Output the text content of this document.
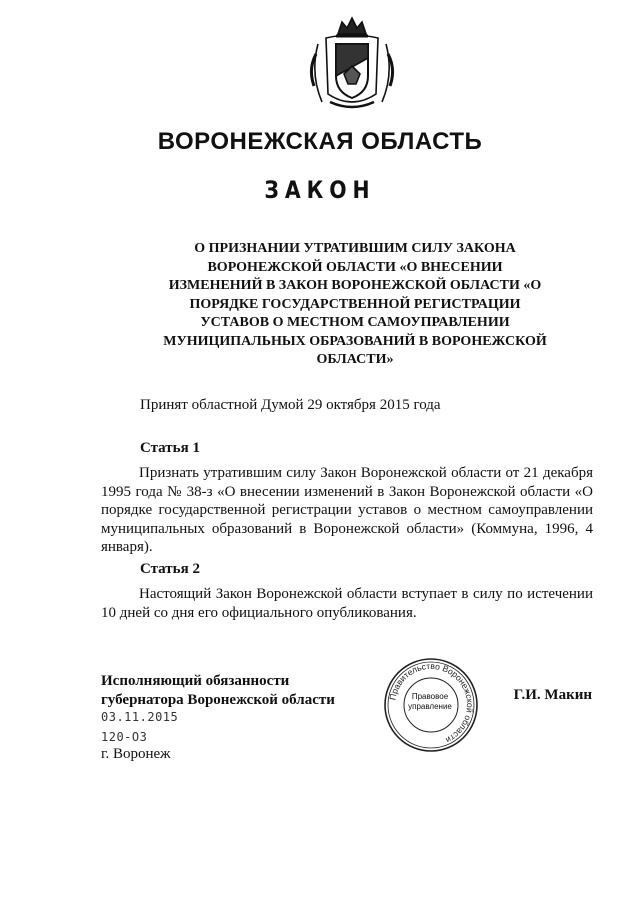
ВОРОНЕЖСКАЯ ОБЛАСТЬ
ЗАКОН
О ПРИЗНАНИИ УТРАТИВШИМ СИЛУ ЗАКОНА ВОРОНЕЖСКОЙ ОБЛАСТИ «О ВНЕСЕНИИ ИЗМЕНЕНИЙ В ЗАКОН ВОРОНЕЖСКОЙ ОБЛАСТИ «О ПОРЯДКЕ ГОСУДАРСТВЕННОЙ РЕГИСТРАЦИИ УСТАВОВ О МЕСТНОМ САМОУПРАВЛЕНИИ МУНИЦИПАЛЬНЫХ ОБРАЗОВАНИЙ В ВОРОНЕЖСКОЙ ОБЛАСТИ»
Принят областной Думой 29 октября 2015 года
Статья 1
Признать утратившим силу Закон Воронежской области от 21 декабря 1995 года № 38-з «О внесении изменений в Закон Воронежской области «О порядке государственной регистрации уставов о местном самоуправлении муниципальных образований в Воронежской области» (Коммуна, 1996, 4 января).
Статья 2
Настоящий Закон Воронежской области вступает в силу по истечении 10 дней со дня его официального опубликования.
Исполняющий обязанности
губернатора Воронежской области	Правительство Воронежской области
Правовое
управление
Г.И. Макин
03.11.2015
120-ОЗ
г. Воронеж
